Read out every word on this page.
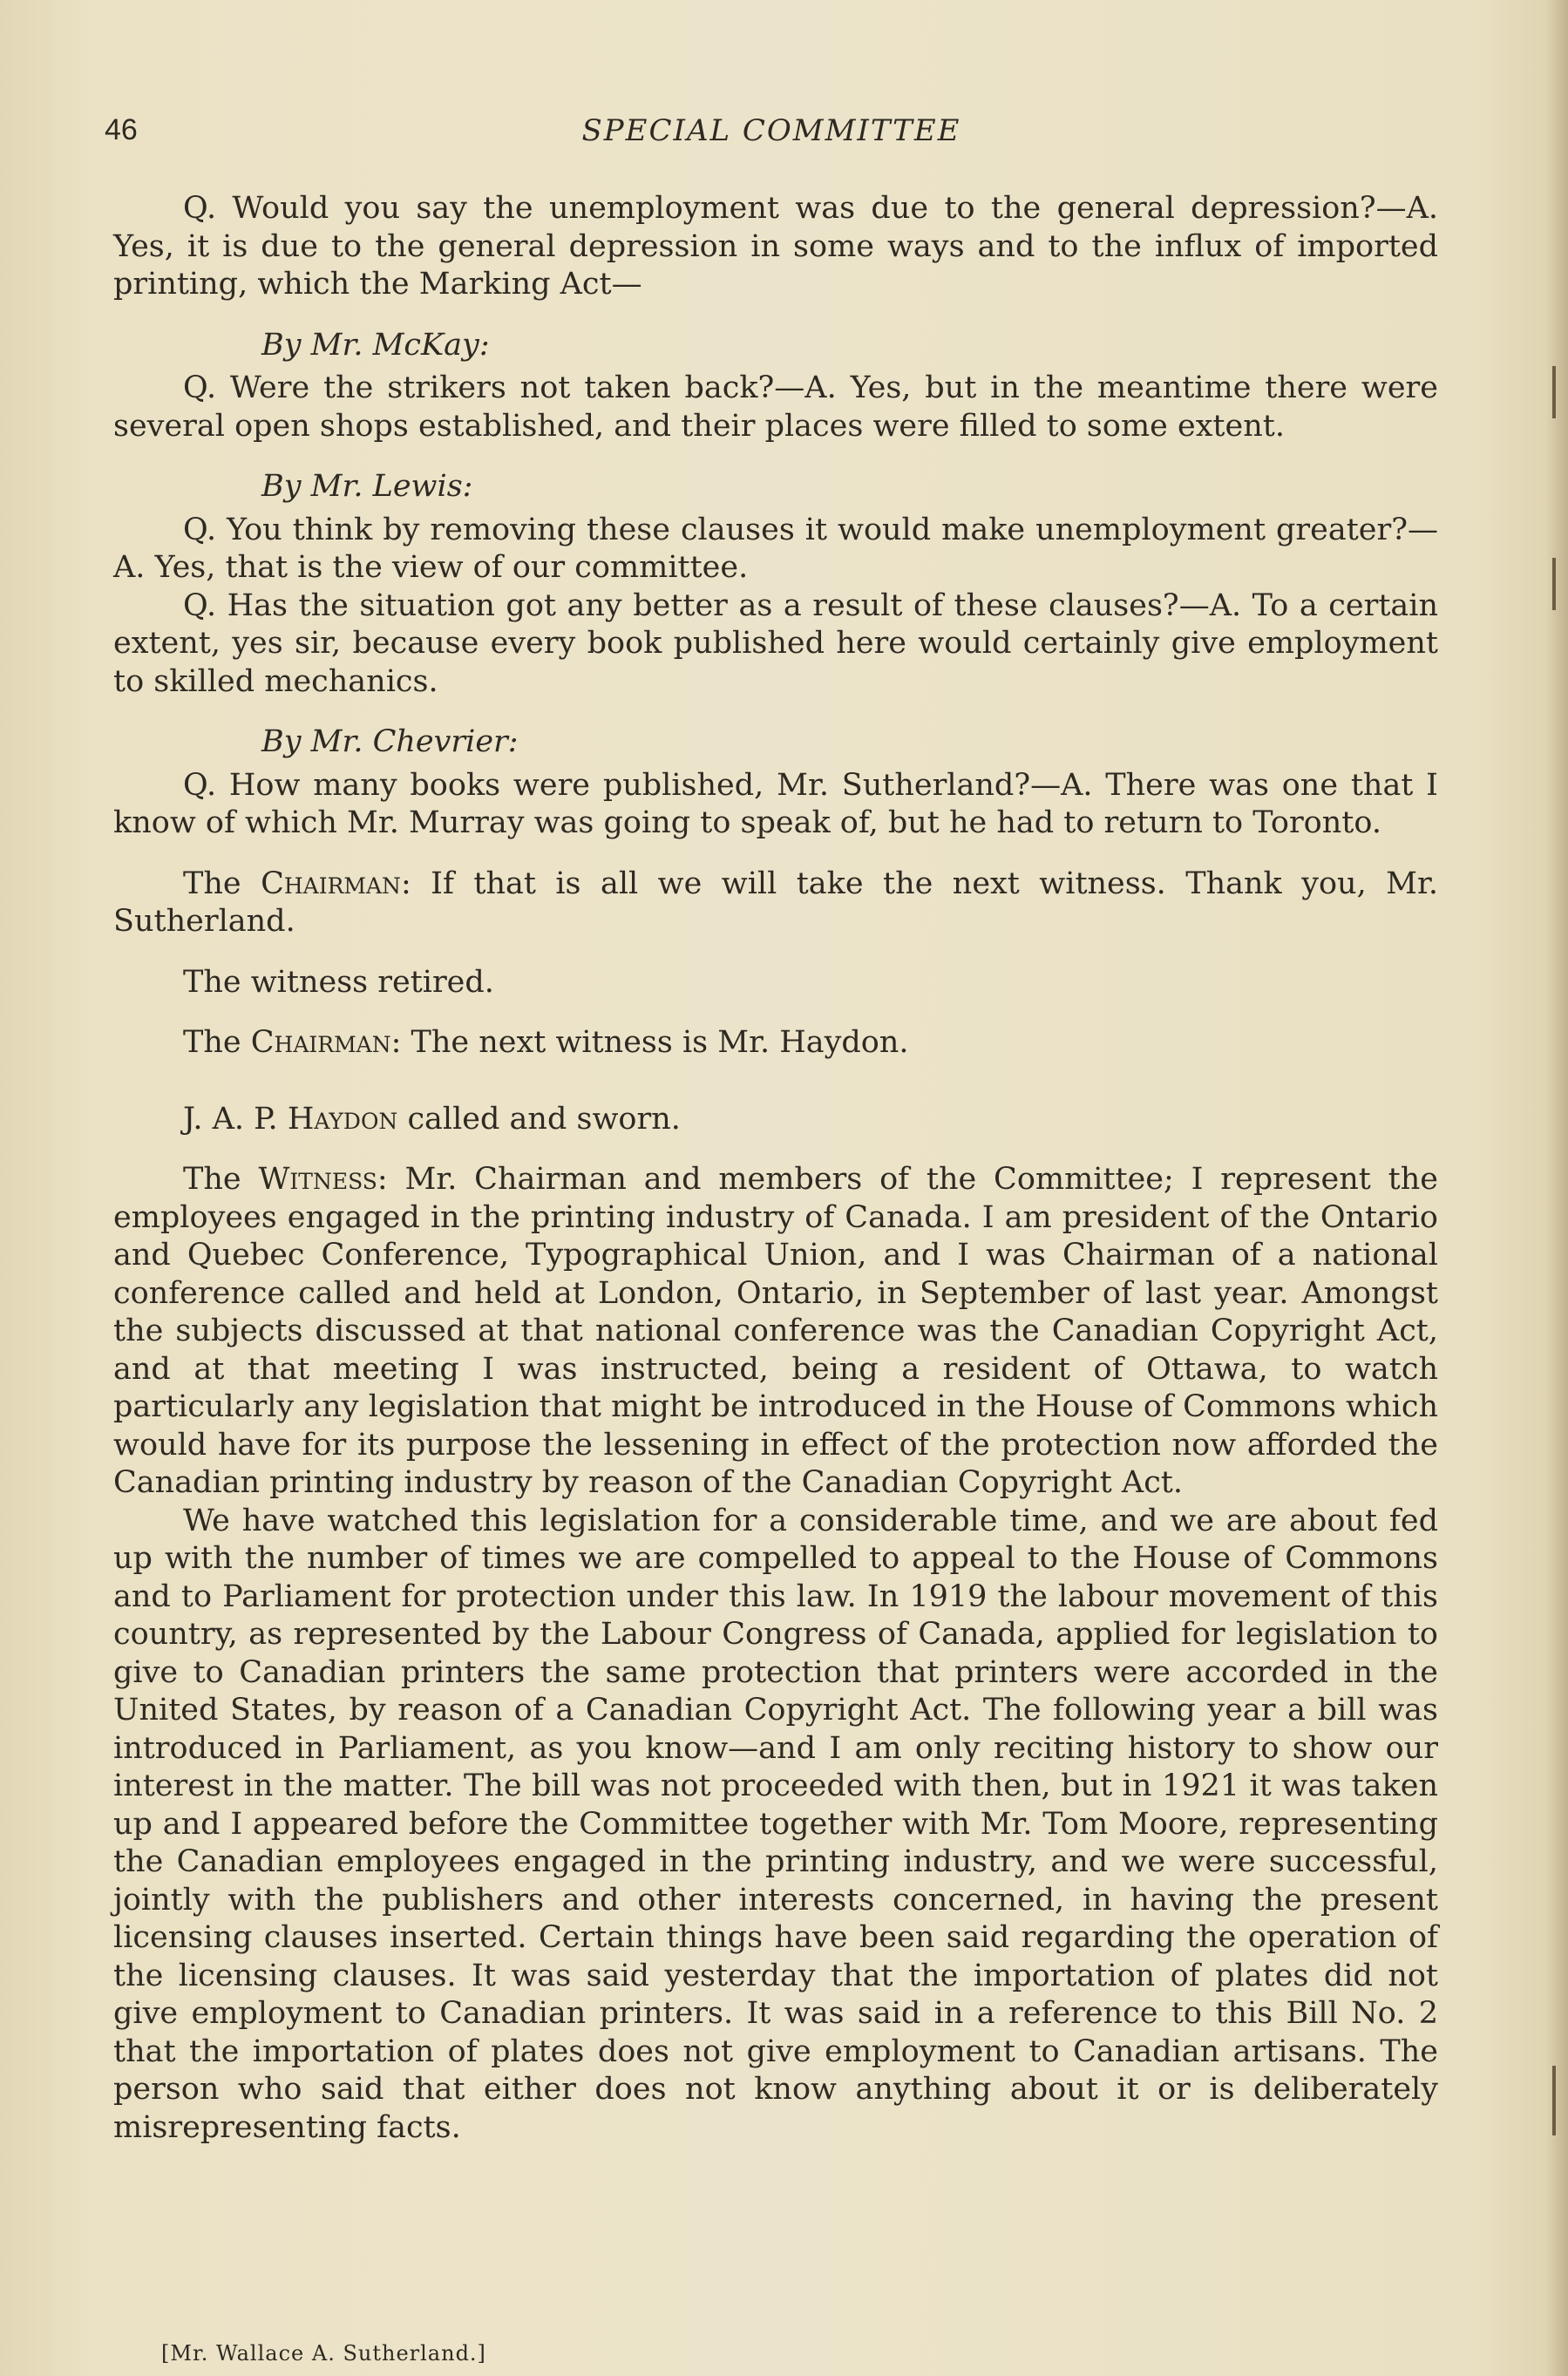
46	SPECIAL COMMITTEE

Q. Would you say the unemployment was due to the general depression?—A. Yes, it is due to the general depression in some ways and to the influx of imported printing, which the Marking Act—

By Mr. McKay:

Q. Were the strikers not taken back?—A. Yes, but in the meantime there were several open shops established, and their places were filled to some extent.

By Mr. Lewis:

Q. You think by removing these clauses it would make unemployment greater?—A. Yes, that is the view of our committee.

Q. Has the situation got any better as a result of these clauses?—A. To a certain extent, yes sir, because every book published here would certainly give employment to skilled mechanics.

By Mr. Chevrier:

Q. How many books were published, Mr. Sutherland?—A. There was one that I know of which Mr. Murray was going to speak of, but he had to return to Toronto.

The Chairman: If that is all we will take the next witness. Thank you, Mr. Sutherland.

The witness retired.

The Chairman: The next witness is Mr. Haydon.

J. A. P. Haydon called and sworn.

The Witness: Mr. Chairman and members of the Committee; I represent the employees engaged in the printing industry of Canada. I am president of the Ontario and Quebec Conference, Typographical Union, and I was Chairman of a national conference called and held at London, Ontario, in September of last year. Amongst the subjects discussed at that national conference was the Canadian Copyright Act, and at that meeting I was instructed, being a resident of Ottawa, to watch particularly any legislation that might be introduced in the House of Commons which would have for its purpose the lessening in effect of the protection now afforded the Canadian printing industry by reason of the Canadian Copyright Act.

We have watched this legislation for a considerable time, and we are about fed up with the number of times we are compelled to appeal to the House of Commons and to Parliament for protection under this law. In 1919 the labour movement of this country, as represented by the Labour Congress of Canada, applied for legislation to give to Canadian printers the same protection that printers were accorded in the United States, by reason of a Canadian Copyright Act. The following year a bill was introduced in Parliament, as you know—and I am only reciting history to show our interest in the matter. The bill was not proceeded with then, but in 1921 it was taken up and I appeared before the Committee together with Mr. Tom Moore, representing the Canadian employees engaged in the printing industry, and we were successful, jointly with the publishers and other interests concerned, in having the present licensing clauses inserted. Certain things have been said regarding the operation of the licensing clauses. It was said yesterday that the importation of plates did not give employment to Canadian printers. It was said in a reference to this Bill No. 2 that the importation of plates does not give employment to Canadian artisans. The person who said that either does not know anything about it or is deliberately misrepresenting facts.

[Mr. Wallace A. Sutherland.]
